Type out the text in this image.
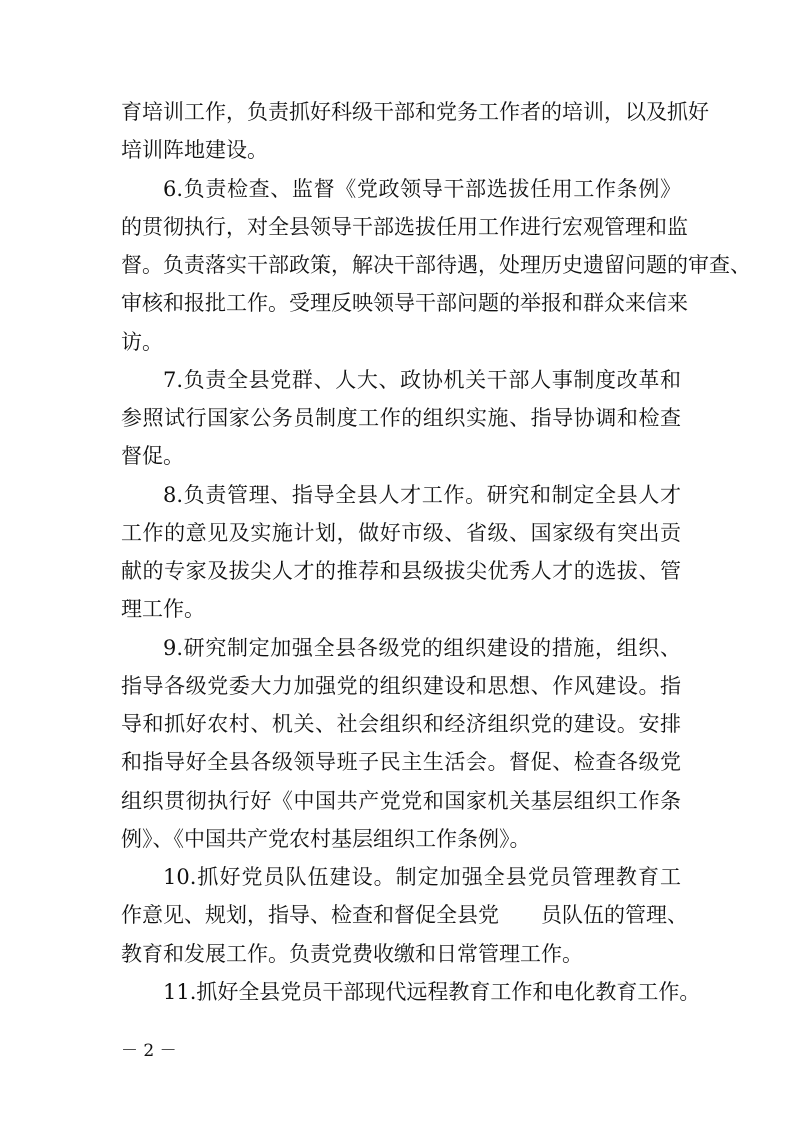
育培训工作，负责抓好科级干部和党务工作者的培训，以及抓好
培训阵地建设。
6.负责检查、监督《党政领导干部选拔任用工作条例》
的贯彻执行，对全县领导干部选拔任用工作进行宏观管理和监
督。负责落实干部政策，解决干部待遇，处理历史遗留问题的审查、
审核和报批工作。受理反映领导干部问题的举报和群众来信来
访。
7.负责全县党群、人大、政协机关干部人事制度改革和
参照试行国家公务员制度工作的组织实施、指导协调和检查
督促。
8.负责管理、指导全县人才工作。研究和制定全县人才
工作的意见及实施计划，做好市级、省级、国家级有突出贡
献的专家及拔尖人才的推荐和县级拔尖优秀人才的选拔、管
理工作。
9.研究制定加强全县各级党的组织建设的措施，组织、
指导各级党委大力加强党的组织建设和思想、作风建设。指
导和抓好农村、机关、社会组织和经济组织党的建设。安排
和指导好全县各级领导班子民主生活会。督促、检查各级党
组织贯彻执行好《中国共产党党和国家机关基层组织工作条
例》、《中国共产党农村基层组织工作条例》。
10.抓好党员队伍建设。制定加强全县党员管理教育工
作意见、规划，指导、检查和督促全县党　　员队伍的管理、
教育和发展工作。负责党费收缴和日常管理工作。
11.抓好全县党员干部现代远程教育工作和电化教育工作。
－ 2 －
